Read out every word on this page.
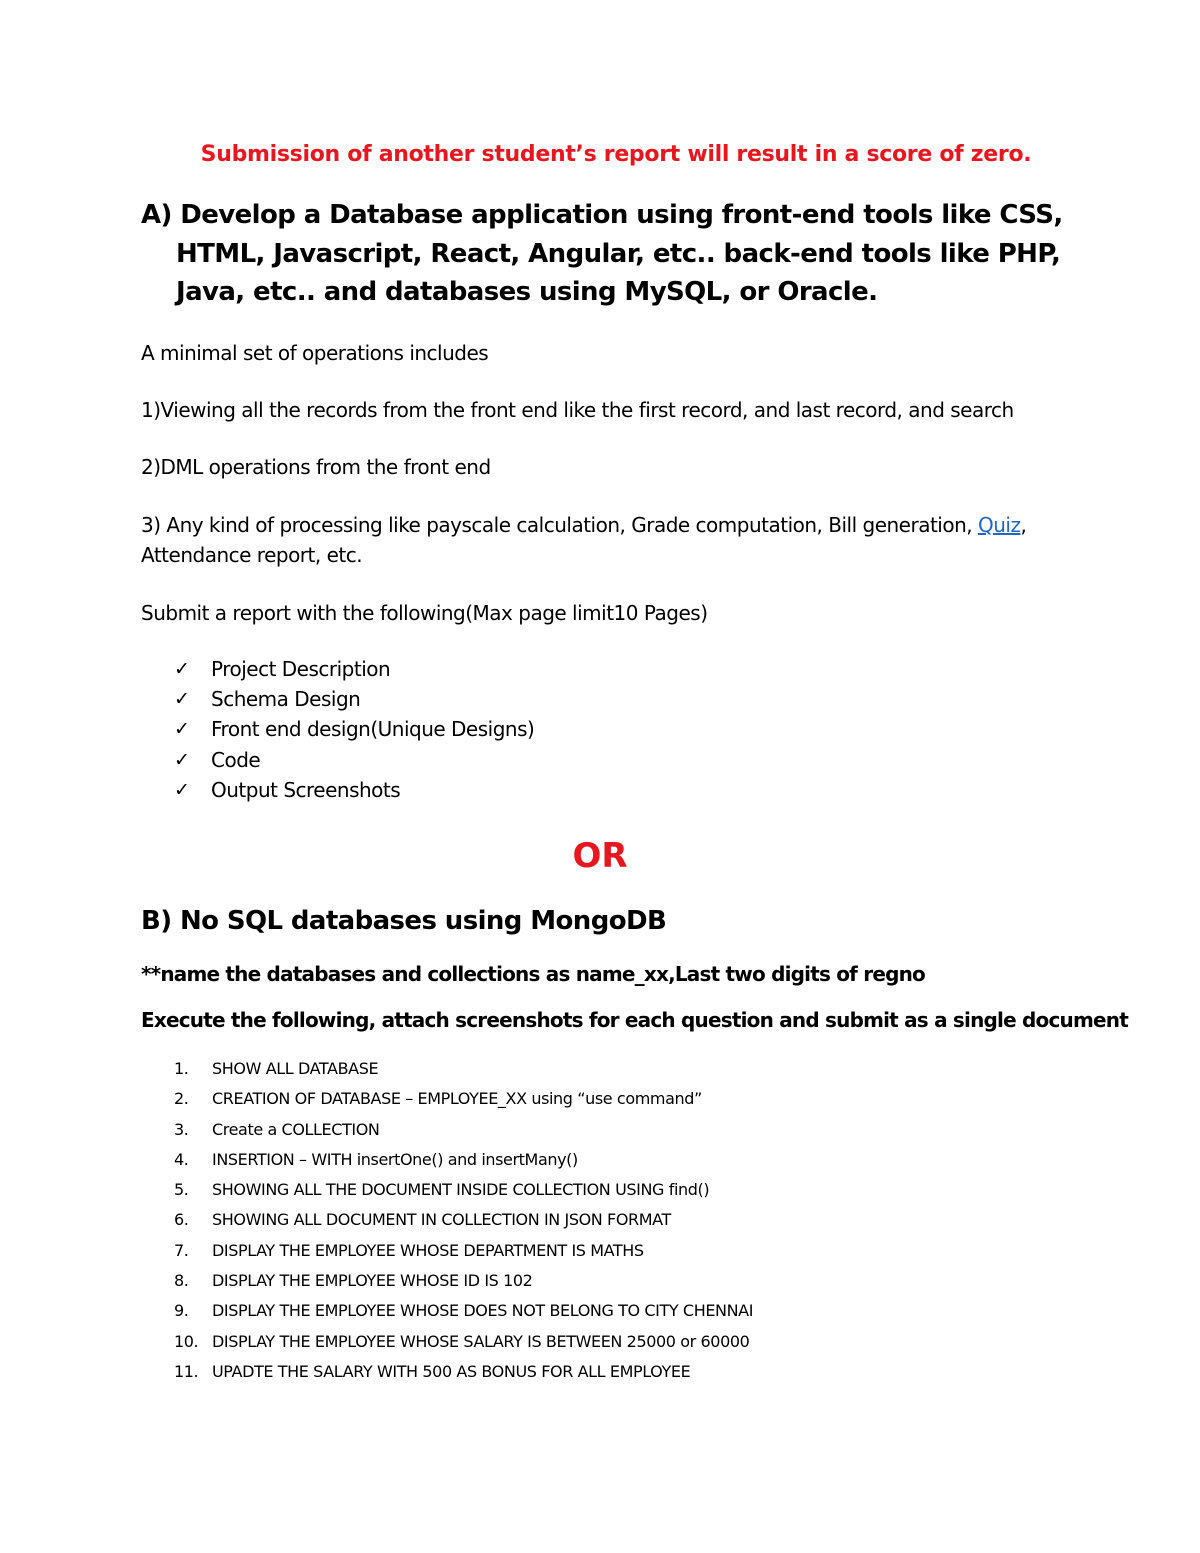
Submission of another student’s report will result in a score of zero.
A) Develop a Database application using front-end tools like CSS,
HTML, Javascript, React, Angular, etc.. back-end tools like PHP,
Java, etc.. and databases using MySQL, or Oracle.
A minimal set of operations includes
1)Viewing all the records from the front end like the first record, and last record, and search
2)DML operations from the front end
3) Any kind of processing like payscale calculation, Grade computation, Bill generation, Quiz,
Attendance report, etc.
Submit a report with the following(Max page limit10 Pages)
✓ Project Description
✓ Schema Design
✓ Front end design(Unique Designs)
✓ Code
✓ Output Screenshots
OR
B) No SQL databases using MongoDB
**name the databases and collections as name_xx,Last two digits of regno
Execute the following, attach screenshots for each question and submit as a single document
1. SHOW ALL DATABASE
2. CREATION OF DATABASE – EMPLOYEE_XX using “use command”
3. Create a COLLECTION
4. INSERTION – WITH insertOne() and insertMany()
5. SHOWING ALL THE DOCUMENT INSIDE COLLECTION USING find()
6. SHOWING ALL DOCUMENT IN COLLECTION IN JSON FORMAT
7. DISPLAY THE EMPLOYEE WHOSE DEPARTMENT IS MATHS
8. DISPLAY THE EMPLOYEE WHOSE ID IS 102
9. DISPLAY THE EMPLOYEE WHOSE DOES NOT BELONG TO CITY CHENNAI
10. DISPLAY THE EMPLOYEE WHOSE SALARY IS BETWEEN 25000 or 60000
11. UPADTE THE SALARY WITH 500 AS BONUS FOR ALL EMPLOYEE
